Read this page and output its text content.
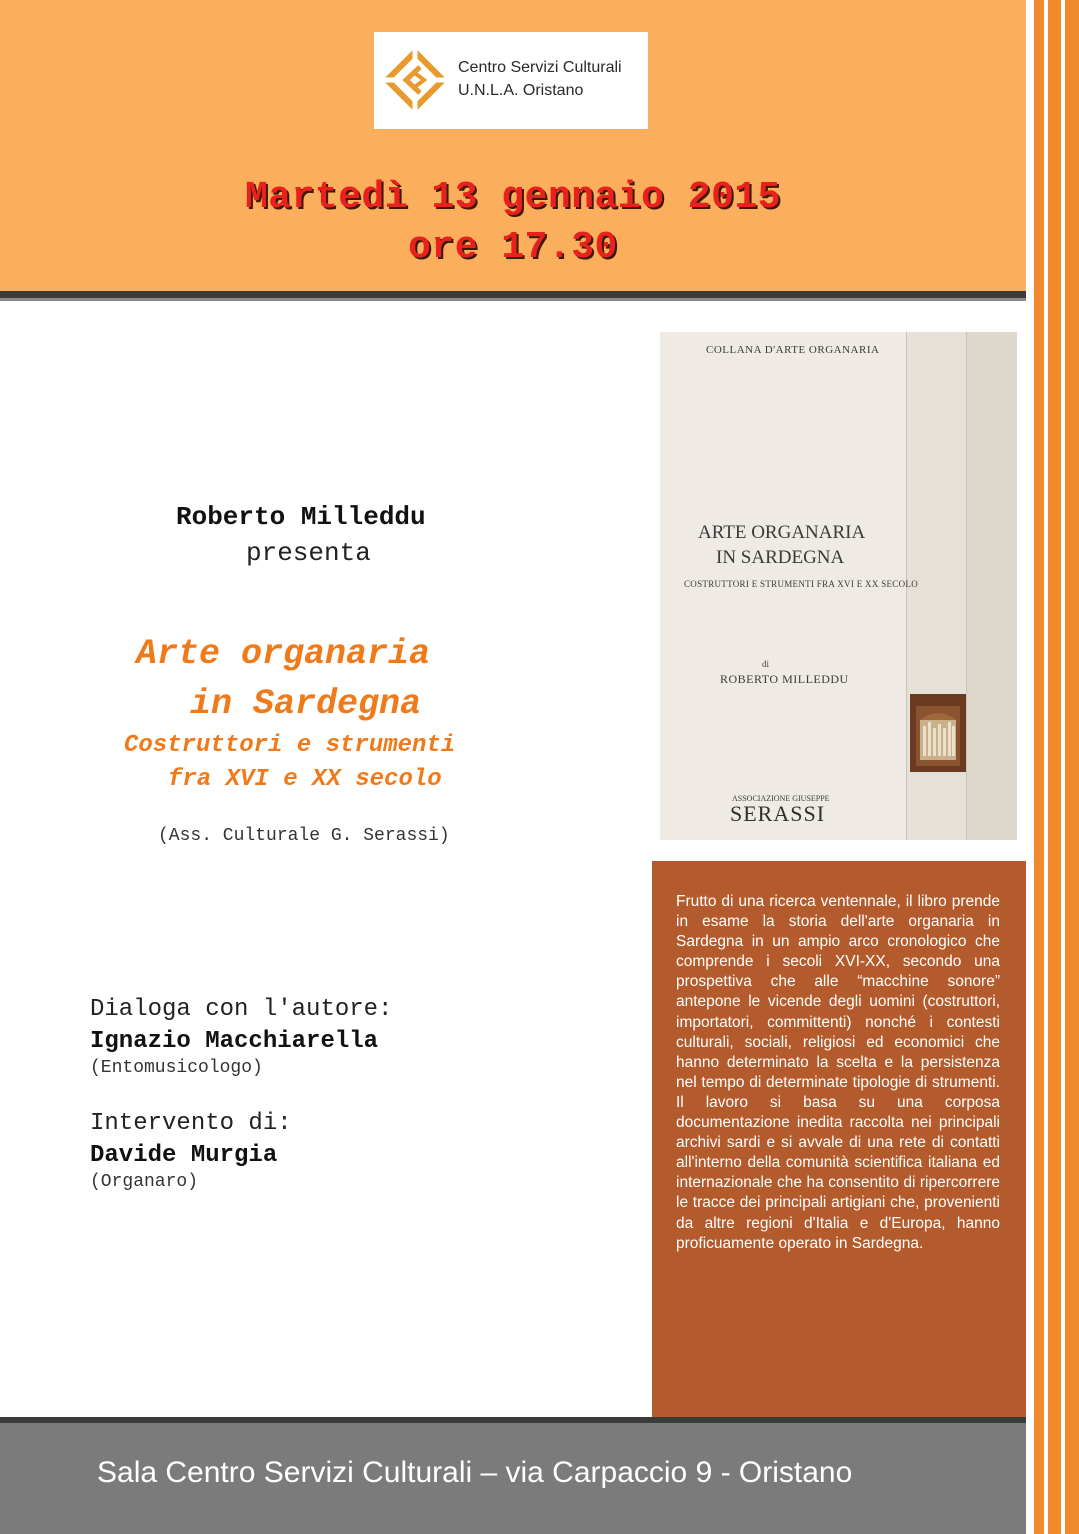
Centro Servizi Culturali
U.N.L.A. Oristano
Martedì 13 gennaio 2015
ore 17.30
Roberto Milleddu
presenta
Arte organaria
in Sardegna
Costruttori e strumenti
fra XVI e XX secolo
(Ass. Culturale G. Serassi)
Dialoga con l'autore:
Ignazio Macchiarella
(Entomusicologo)
Intervento di:
Davide Murgia
(Organaro)
COLLANA D'ARTE ORGANARIA
ARTE ORGANARIA
IN SARDEGNA
COSTRUTTORI E STRUMENTI FRA XVI E XX SECOLO
di
ROBERTO MILLEDDU
ASSOCIAZIONE GIUSEPPE
SERASSI
Frutto di una ricerca ventennale, il libro prende in esame la storia dell'arte organaria in Sardegna in un ampio arco cronologico che comprende i secoli XVI-XX, secondo una prospettiva che alle “macchine sonore” antepone le vicende degli uomini (costruttori, importatori, committenti) nonché i contesti culturali, sociali, religiosi ed economici che hanno determinato la scelta e la persistenza nel tempo di determinate tipologie di strumenti. Il lavoro si basa su una corposa documentazione inedita raccolta nei principali archivi sardi e si avvale di una rete di contatti all'interno della comunità scientifica italiana ed internazionale che ha consentito di ripercorrere le tracce dei principali artigiani che, provenienti da altre regioni d'Italia e d'Europa, hanno proficuamente operato in Sardegna.
Sala Centro Servizi Culturali – via Carpaccio 9 - Oristano
